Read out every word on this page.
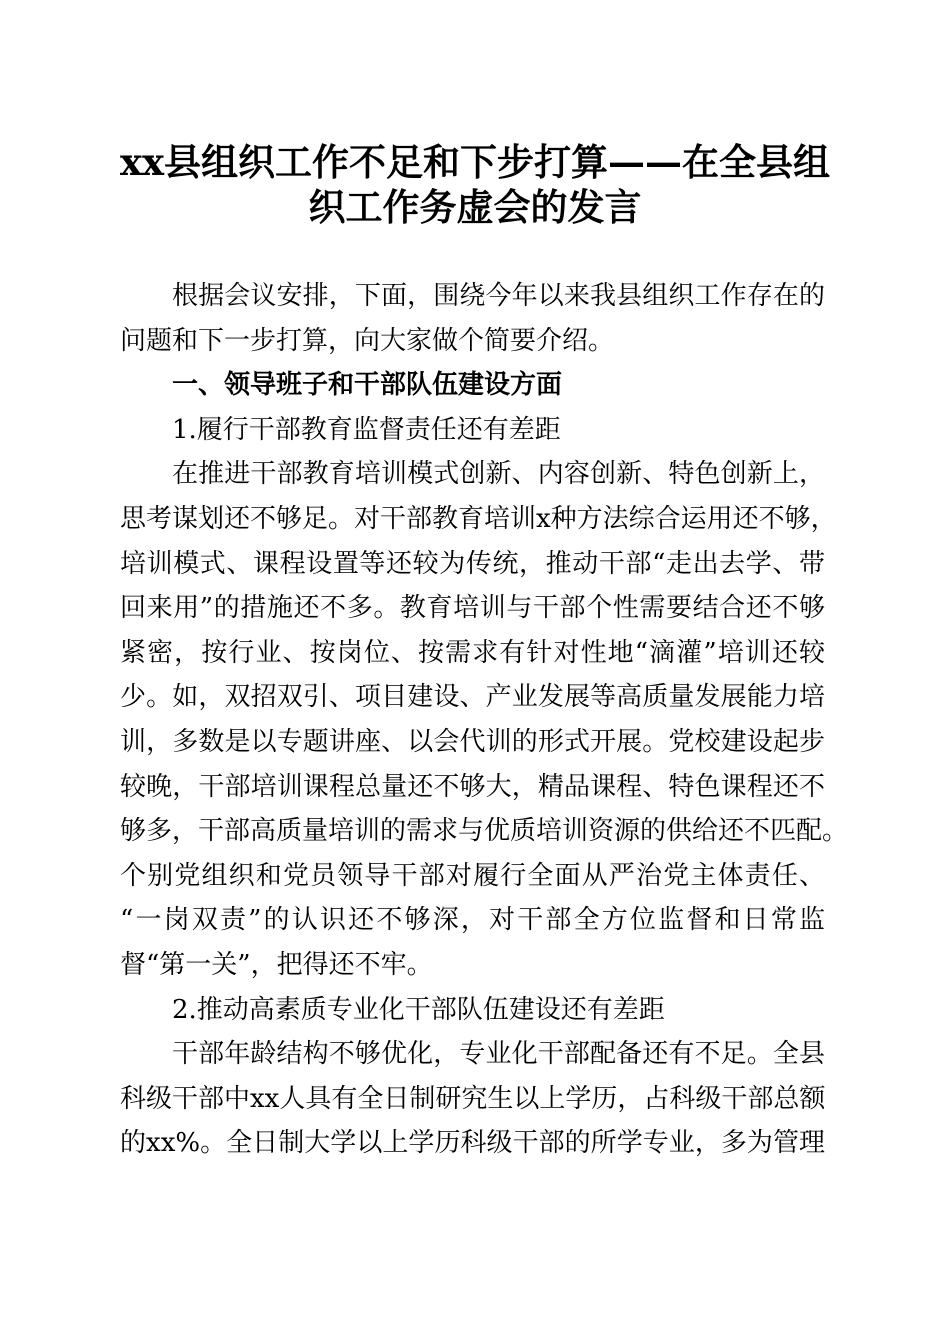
xx县组织工作不足和下步打算——在全县组
织工作务虚会的发言
根据会议安排，下面，围绕今年以来我县组织工作存在的
问题和下一步打算，向大家做个简要介绍。
一、领导班子和干部队伍建设方面
1.履行干部教育监督责任还有差距
在推进干部教育培训模式创新、内容创新、特色创新上，
思考谋划还不够足。对干部教育培训x种方法综合运用还不够，
培训模式、课程设置等还较为传统，推动干部“走出去学、带
回来用”的措施还不多。教育培训与干部个性需要结合还不够
紧密，按行业、按岗位、按需求有针对性地“滴灌”培训还较
少。如，双招双引、项目建设、产业发展等高质量发展能力培
训，多数是以专题讲座、以会代训的形式开展。党校建设起步
较晚，干部培训课程总量还不够大，精品课程、特色课程还不
够多，干部高质量培训的需求与优质培训资源的供给还不匹配。
个别党组织和党员领导干部对履行全面从严治党主体责任、
“一岗双责”的认识还不够深，对干部全方位监督和日常监
督“第一关”，把得还不牢。
2.推动高素质专业化干部队伍建设还有差距
干部年龄结构不够优化，专业化干部配备还有不足。全县
科级干部中xx人具有全日制研究生以上学历，占科级干部总额
的xx%。全日制大学以上学历科级干部的所学专业，多为管理
